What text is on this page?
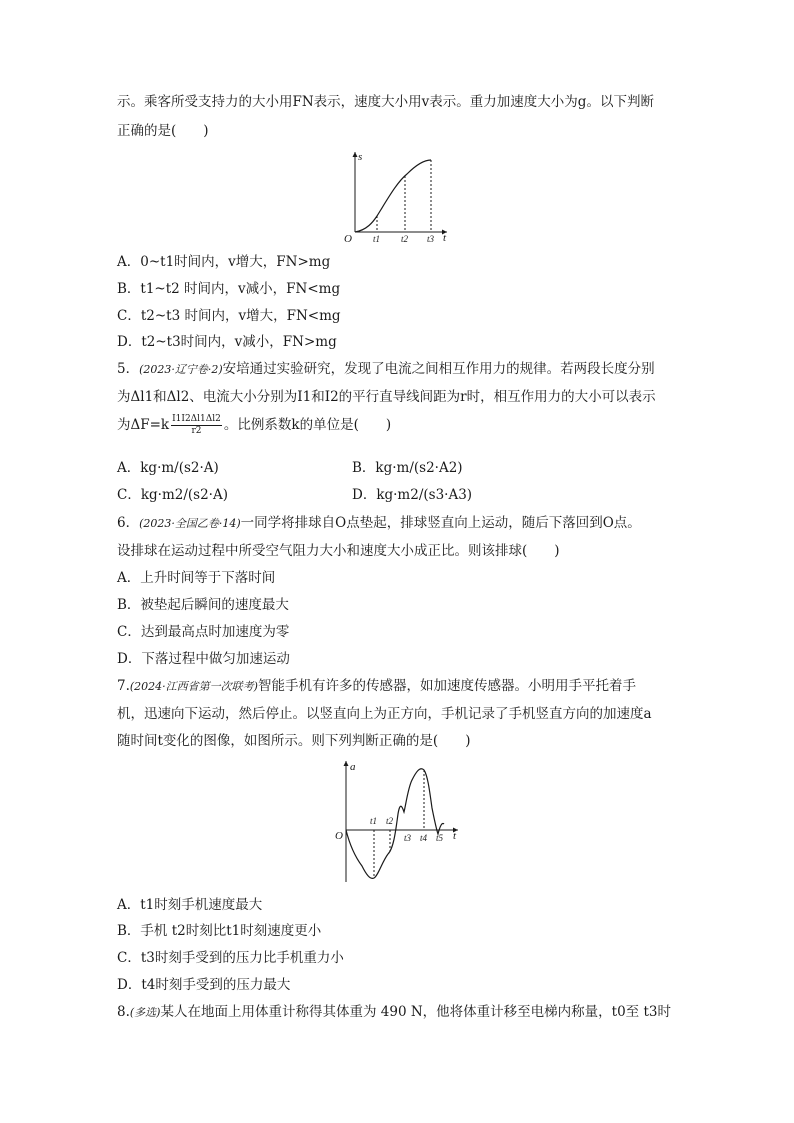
示。乘客所受支持力的大小用FN表示，速度大小用v表示。重力加速度大小为g。以下判断
正确的是(　　)
s
t
O t1 t2 t3
A．0~t1时间内，v增大，FN>mg
B．t1~t2 时间内，v减小，FN<mg
C．t2~t3 时间内，v增大，FN<mg
D．t2~t3时间内，v减小，FN>mg
5．(2023·辽宁卷·2)安培通过实验研究，发现了电流之间相互作用力的规律。若两段长度分别
为Δl1和Δl2、电流大小分别为I1和I2的平行直导线间距为r时，相互作用力的大小可以表示
为$\Delta F=k \frac{I1I2\Delta l1\Delta l2}{r2}$ 。比例系数k的单位是(　　)
A．kg·m/(s2·A)	B．kg·m/(s2·A2)
C．kg·m2/(s2·A)	D．kg·m2/(s3·A3)
6．(2023·全国乙卷·14)一同学将排球自O点垫起，排球竖直向上运动，随后下落回到O点。
设排球在运动过程中所受空气阻力大小和速度大小成正比。则该排球(　　)
A．上升时间等于下落时间
B．被垫起后瞬间的速度最大
C．达到最高点时加速度为零
D．下落过程中做匀加速运动
7.(2024·江西省第一次联考)智能手机有许多的传感器，如加速度传感器。小明用手平托着手
机，迅速向下运动，然后停止。以竖直向上为正方向，手机记录了手机竖直方向的加速度a
随时间t变化的图像，如图所示。则下列判断正确的是(　　)
a
t
O
t1 t2
t3 t4 t5
A．t1时刻手机速度最大
B．手机 t2时刻比t1时刻速度更小
C．t3时刻手受到的压力比手机重力小
D．t4时刻手受到的压力最大
8.(多选)某人在地面上用体重计称得其体重为 490 N，他将体重计移至电梯内称量，t0至 t3时
